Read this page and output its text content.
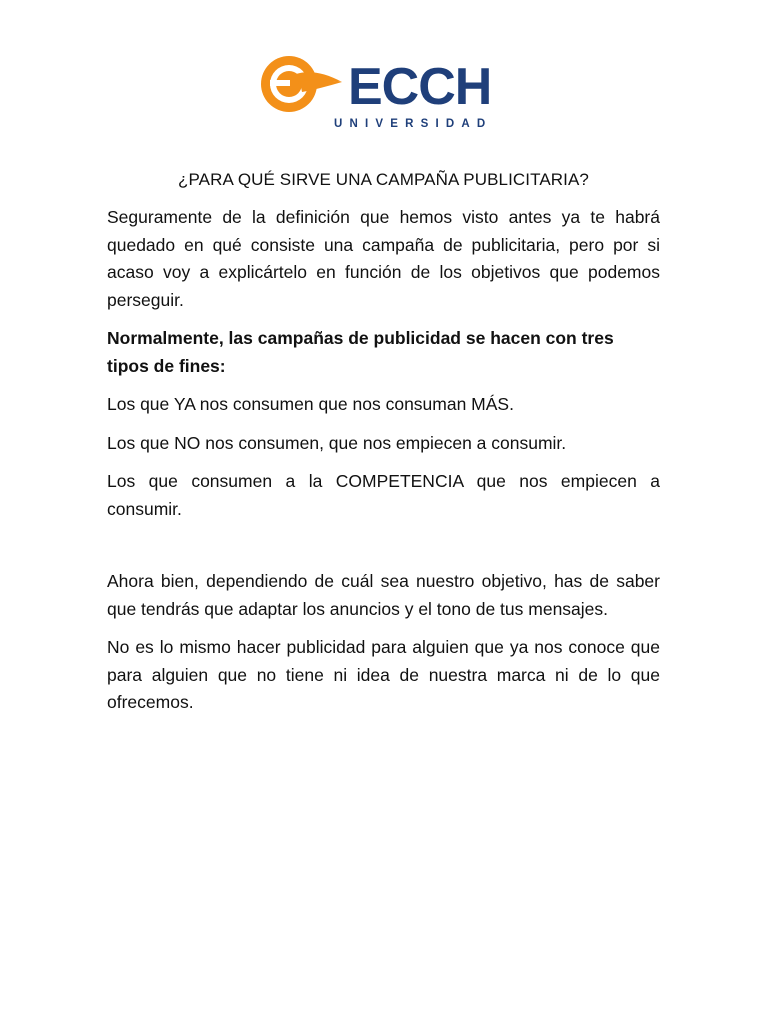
ECCH
UNIVERSIDAD
¿PARA QUÉ SIRVE UNA CAMPAÑA PUBLICITARIA?

Seguramente de la definición que hemos visto antes ya te habrá quedado en qué consiste una campaña de publicitaria, pero por si acaso voy a explicártelo en función de los objetivos que podemos perseguir.

Normalmente, las campañas de publicidad se hacen con tres tipos de fines:

Los que YA nos consumen que nos consuman MÁS.

Los que NO nos consumen, que nos empiecen a consumir.

Los que consumen a la COMPETENCIA que nos empiecen a consumir.

Ahora bien, dependiendo de cuál sea nuestro objetivo, has de saber que tendrás que adaptar los anuncios y el tono de tus mensajes.

No es lo mismo hacer publicidad para alguien que ya nos conoce que para alguien que no tiene ni idea de nuestra marca ni de lo que ofrecemos.
